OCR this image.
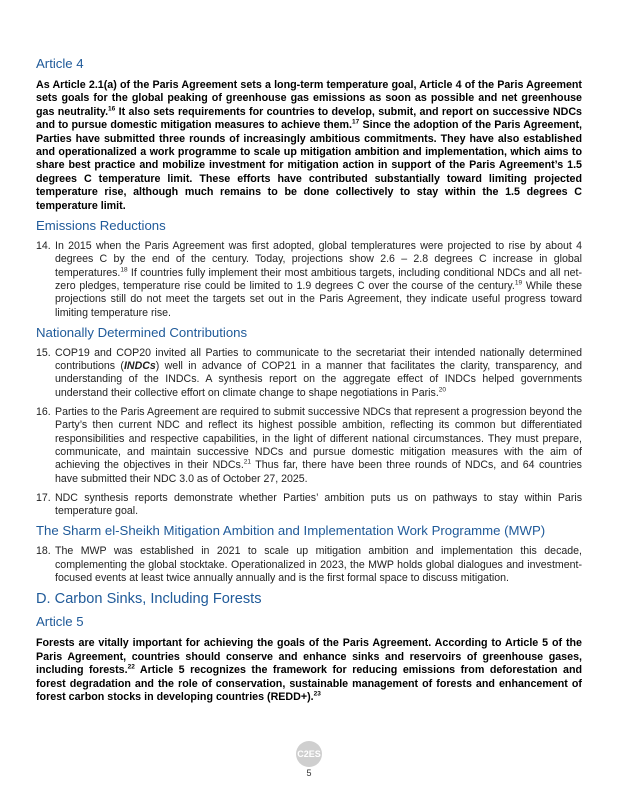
Article 4

As Article 2.1(a) of the Paris Agreement sets a long-term temperature goal, Article 4 of the Paris Agreement sets goals for the global peaking of greenhouse gas emissions as soon as possible and net greenhouse gas neutrality.$^{16}$ It also sets requirements for countries to develop, submit, and report on successive NDCs and to pursue domestic mitigation measures to achieve them.$^{17}$ Since the adoption of the Paris Agreement, Parties have submitted three rounds of increasingly ambitious commitments. They have also established and operationalized a work programme to scale up mitigation ambition and implementation, which aims to share best practice and mobilize investment for mitigation action in support of the Paris Agreement’s 1.5 degrees C temperature limit. These efforts have contributed substantially toward limiting projected temperature rise, although much remains to be done collectively to stay within the 1.5 degrees C temperature limit.

Emissions Reductions

14. In 2015 when the Paris Agreement was first adopted, global templeratures were projected to rise by about 4 degrees C by the end of the century. Today, projections show 2.6 – 2.8 degrees C increase in global temperatures.$^{18}$ If countries fully implement their most ambitious targets, including conditional NDCs and all net-zero pledges, temperature rise could be limited to 1.9 degrees C over the course of the century.$^{19}$ While these projections still do not meet the targets set out in the Paris Agreement, they indicate useful progress toward limiting temperature rise.

Nationally Determined Contributions

15. COP19 and COP20 invited all Parties to communicate to the secretariat their intended nationally determined contributions (INDCs) well in advance of COP21 in a manner that facilitates the clarity, transparency, and understanding of the INDCs. A synthesis report on the aggregate effect of INDCs helped governments understand their collective effort on climate change to shape negotiations in Paris.$^{20}$

16. Parties to the Paris Agreement are required to submit successive NDCs that represent a progression beyond the Party’s then current NDC and reflect its highest possible ambition, reflecting its common but differentiated responsibilities and respective capabilities, in the light of different national circumstances. They must prepare, communicate, and maintain successive NDCs and pursue domestic mitigation measures with the aim of achieving the objectives in their NDCs.$^{21}$ Thus far, there have been three rounds of NDCs, and 64 countries have submitted their NDC 3.0 as of October 27, 2025.

17. NDC synthesis reports demonstrate whether Parties’ ambition puts us on pathways to stay within Paris temperature goal.

The Sharm el-Sheikh Mitigation Ambition and Implementation Work Programme (MWP)

18. The MWP was established in 2021 to scale up mitigation ambition and implementation this decade, complementing the global stocktake. Operationalized in 2023, the MWP holds global dialogues and investment-focused events at least twice annually annually and is the first formal space to discuss mitigation.

D. Carbon Sinks, Including Forests
Article 5

Forests are vitally important for achieving the goals of the Paris Agreement. According to Article 5 of the Paris Agreement, countries should conserve and enhance sinks and reservoirs of greenhouse gases, including forests.$^{22}$ Article 5 recognizes the framework for reducing emissions from deforestation and forest degradation and the role of conservation, sustainable management of forests and enhancement of forest carbon stocks in developing countries (REDD+).$^{23}$

C2ES
5
